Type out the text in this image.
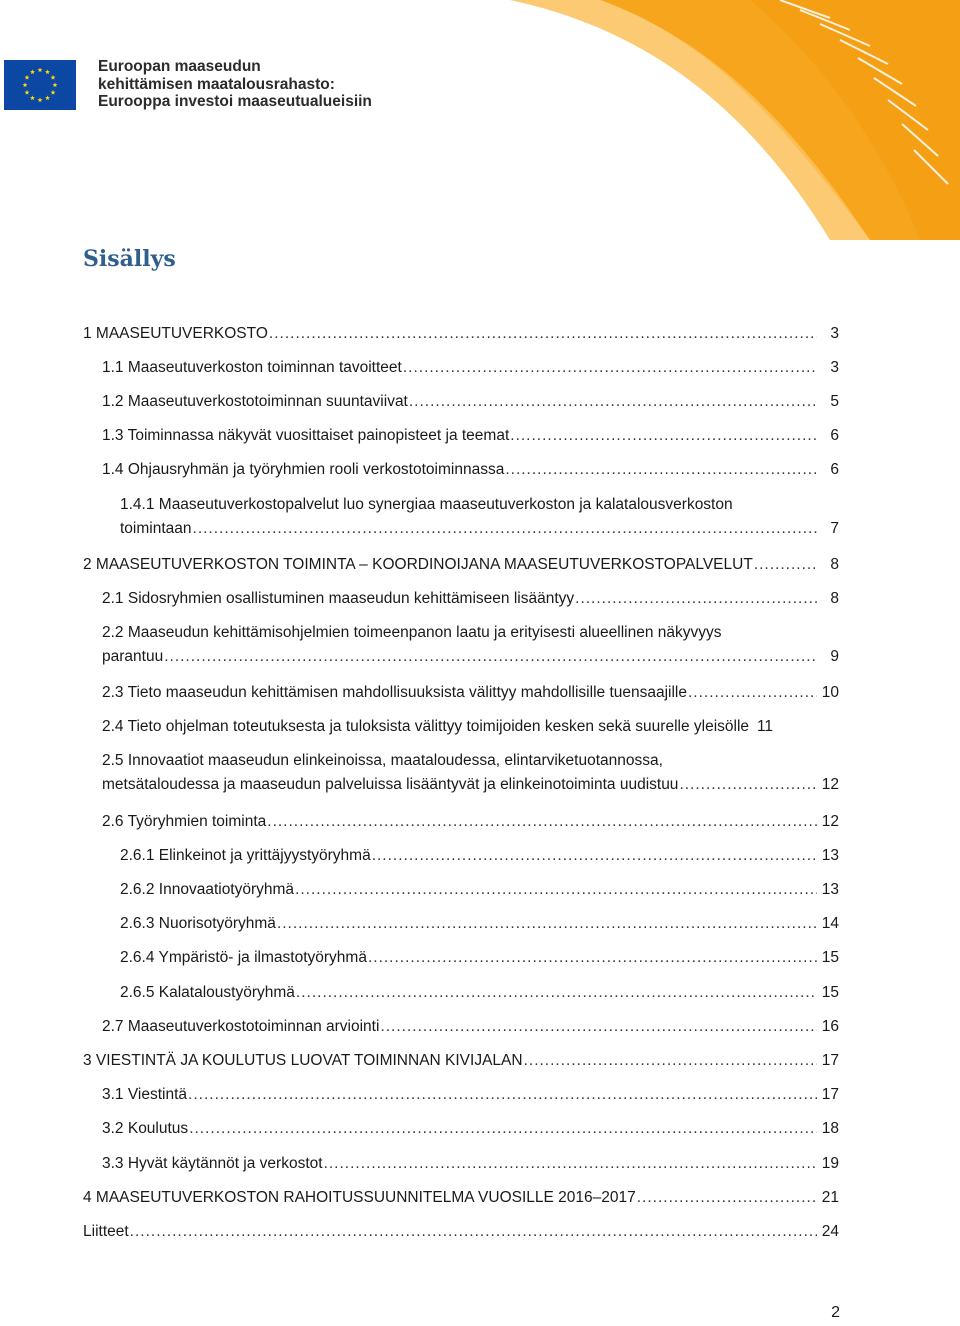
Euroopan maaseudun
kehittämisen maatalousrahasto:
Eurooppa investoi maaseutualueisiin
Sisällys
1 MAASEUTUVERKOSTO .....	3
1.1 Maaseutuverkoston toiminnan tavoitteet .....	3
1.2 Maaseutuverkostotoiminnan suuntaviivat .....	5
1.3 Toiminnassa näkyvät vuosittaiset painopisteet ja teemat .....	6
1.4 Ohjausryhmän ja työryhmien rooli verkostotoiminnassa .....	6
1.4.1 Maaseutuverkostopalvelut luo synergiaa maaseutuverkoston ja kalatalousverkoston
toimintaan .....	7
2 MAASEUTUVERKOSTON TOIMINTA – KOORDINOIJANA MAASEUTUVERKOSTOPALVELUT .....	8
2.1 Sidosryhmien osallistuminen maaseudun kehittämiseen lisääntyy .....	8
2.2 Maaseudun kehittämisohjelmien toimeenpanon laatu ja erityisesti alueellinen näkyvyys
parantuu .....	9
2.3 Tieto maaseudun kehittämisen mahdollisuuksista välittyy mahdollisille tuensaajille .....	10
2.4 Tieto ohjelman toteutuksesta ja tuloksista välittyy toimijoiden kesken sekä suurelle yleisölle 11
2.5 Innovaatiot maaseudun elinkeinoissa, maataloudessa, elintarviketuotannossa,
metsätaloudessa ja maaseudun palveluissa lisääntyvät ja elinkeinotoiminta uudistuu .....	12
2.6 Työryhmien toiminta .....	12
2.6.1 Elinkeinot ja yrittäjyystyöryhmä .....	13
2.6.2 Innovaatiotyöryhmä .....	13
2.6.3 Nuorisotyöryhmä .....	14
2.6.4 Ympäristö- ja ilmastotyöryhmä .....	15
2.6.5 Kalataloustyöryhmä .....	15
2.7 Maaseutuverkostotoiminnan arviointi .....	16
3 VIESTINTÄ JA KOULUTUS LUOVAT TOIMINNAN KIVIJALAN .....	17
3.1 Viestintä .....	17
3.2 Koulutus .....	18
3.3 Hyvät käytännöt ja verkostot .....	19
4 MAASEUTUVERKOSTON RAHOITUSSUUNNITELMA VUOSILLE 2016–2017 .....	21
Liitteet .....	24
2
